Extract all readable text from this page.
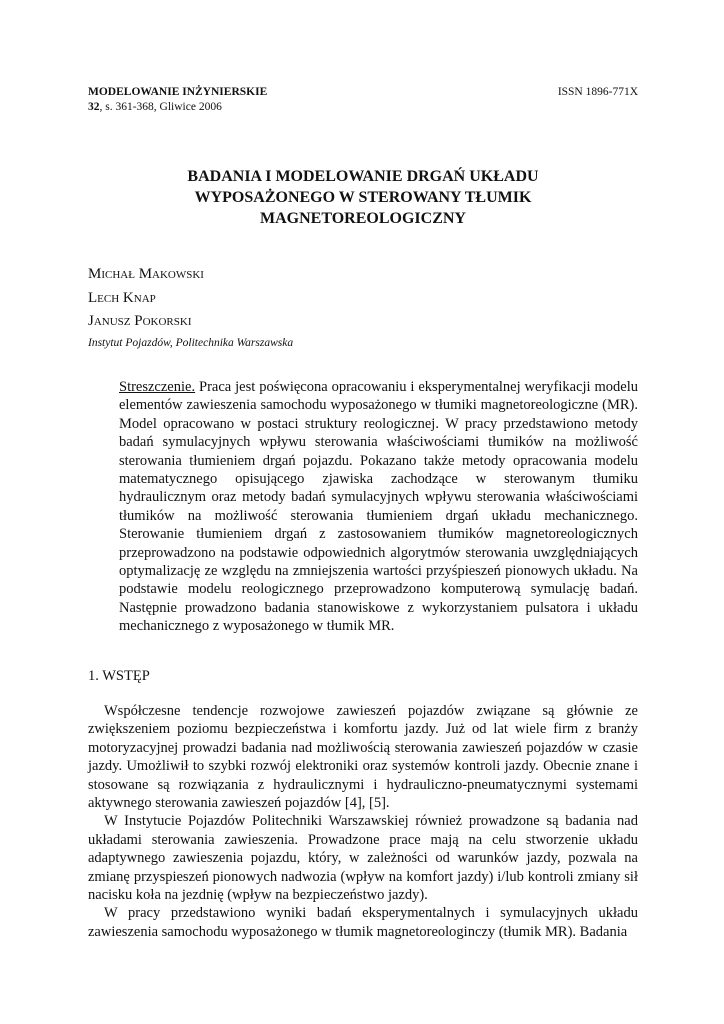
MODELOWANIE INŻYNIERSKIE	ISSN 1896-771X
32, s. 361-368, Gliwice 2006
BADANIA I MODELOWANIE DRGAŃ UKŁADU
WYPOSAŻONEGO W STEROWANY TŁUMIK
MAGNETOREOLOGICZNY
Michał Makowski
Lech Knap
Janusz Pokorski
Instytut Pojazdów, Politechnika Warszawska
Streszczenie. Praca jest poświęcona opracowaniu i eksperymentalnej weryfikacji modelu elementów zawieszenia samochodu wyposażonego w tłumiki magnetoreologiczne (MR). Model opracowano w postaci struktury reologicznej. W pracy przedstawiono metody badań symulacyjnych wpływu sterowania właściwościami tłumików na możliwość sterowania tłumieniem drgań pojazdu. Pokazano także metody opracowania modelu matematycznego opisującego zjawiska zachodzące w sterowanym tłumiku hydraulicznym oraz metody badań symulacyjnych wpływu sterowania właściwościami tłumików na możliwość sterowania tłumieniem drgań układu mechanicznego. Sterowanie tłumieniem drgań z zastosowaniem tłumików magnetoreologicznych przeprowadzono na podstawie odpowiednich algorytmów sterowania uwzględniających optymalizację ze względu na zmniejszenia wartości przyśpieszeń pionowych układu. Na podstawie modelu reologicznego przeprowadzono komputerową symulację badań. Następnie prowadzono badania stanowiskowe z wykorzystaniem pulsatora i układu mechanicznego z wyposażonego w tłumik MR.
1. WSTĘP

Współczesne tendencje rozwojowe zawieszeń pojazdów związane są głównie ze zwiększeniem poziomu bezpieczeństwa i komfortu jazdy. Już od lat wiele firm z branży motoryzacyjnej prowadzi badania nad możliwością sterowania zawieszeń pojazdów w czasie jazdy. Umożliwił to szybki rozwój elektroniki oraz systemów kontroli jazdy. Obecnie znane i stosowane są rozwiązania z hydraulicznymi i hydrauliczno-pneumatycznymi systemami aktywnego sterowania zawieszeń pojazdów [4], [5].

W Instytucie Pojazdów Politechniki Warszawskiej również prowadzone są badania nad układami sterowania zawieszenia. Prowadzone prace mają na celu stworzenie układu adaptywnego zawieszenia pojazdu, który, w zależności od warunków jazdy, pozwala na zmianę przyspieszeń pionowych nadwozia (wpływ na komfort jazdy) i/lub kontroli zmiany sił nacisku koła na jezdnię (wpływ na bezpieczeństwo jazdy).

W pracy przedstawiono wyniki badań eksperymentalnych i symulacyjnych układu zawieszenia samochodu wyposażonego w tłumik magnetoreologinczy (tłumik MR). Badania
